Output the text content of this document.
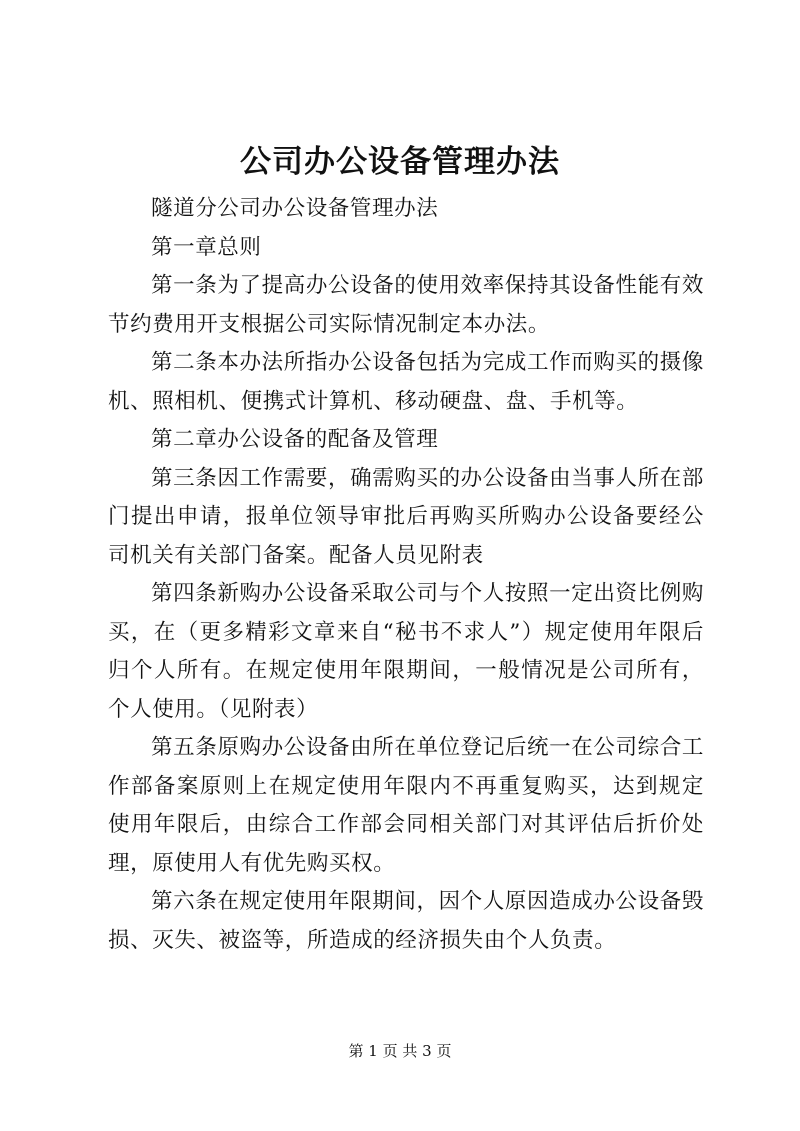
公司办公设备管理办法

隧道分公司办公设备管理办法

第一章总则

第一条为了提高办公设备的使用效率保持其设备性能有效节约费用开支根据公司实际情况制定本办法。

第二条本办法所指办公设备包括为完成工作而购买的摄像机、照相机、便携式计算机、移动硬盘、盘、手机等。

第二章办公设备的配备及管理

第三条因工作需要，确需购买的办公设备由当事人所在部门提出申请，报单位领导审批后再购买所购办公设备要经公司机关有关部门备案。配备人员见附表

第四条新购办公设备采取公司与个人按照一定出资比例购买，在（更多精彩文章来自“秘书不求人”）规定使用年限后归个人所有。在规定使用年限期间，一般情况是公司所有，个人使用。（见附表）

第五条原购办公设备由所在单位登记后统一在公司综合工作部备案原则上在规定使用年限内不再重复购买，达到规定使用年限后，由综合工作部会同相关部门对其评估后折价处理，原使用人有优先购买权。

第六条在规定使用年限期间，因个人原因造成办公设备毁损、灭失、被盗等，所造成的经济损失由个人负责。

第 1 页 共 3 页
